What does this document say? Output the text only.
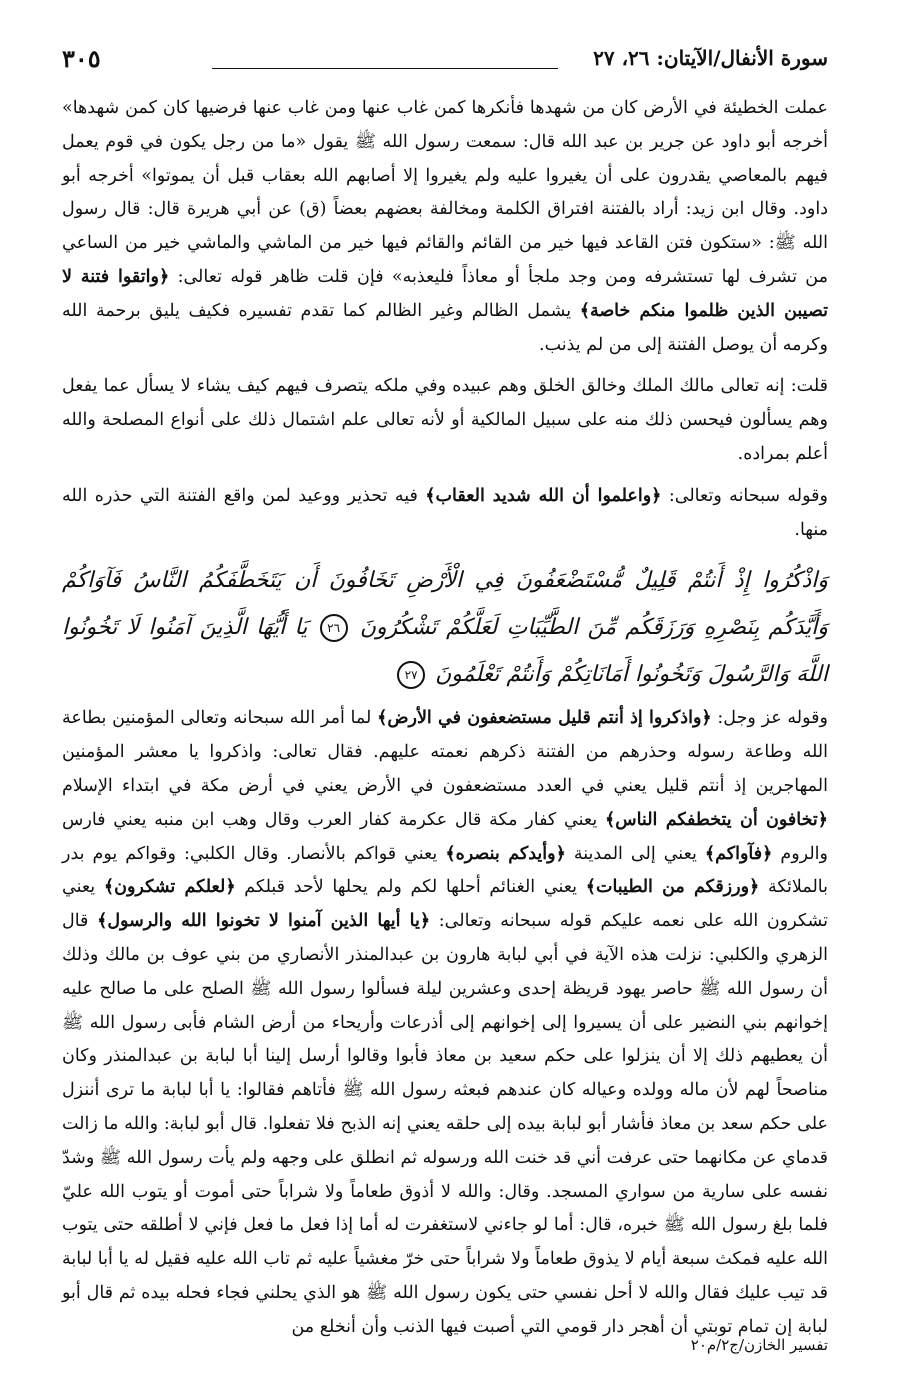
سورة الأنفال/الآيتان: ٢٦، ٢٧
٣٠٥

عملت الخطيئة في الأرض كان من شهدها فأنكرها كمن غاب عنها ومن غاب عنها فرضيها كان كمن شهدها» أخرجه أبو داود عن جرير بن عبد الله قال: سمعت رسول الله ﷺ يقول «ما من رجل يكون في قوم يعمل فيهم بالمعاصي يقدرون على أن يغيروا عليه ولم يغيروا إلا أصابهم الله بعقاب قبل أن يموتوا» أخرجه أبو داود. وقال ابن زيد: أراد بالفتنة افتراق الكلمة ومخالفة بعضهم بعضاً (ق) عن أبي هريرة قال: قال رسول الله ﷺ: «ستكون فتن القاعد فيها خير من القائم والقائم فيها خير من الماشي والماشي خير من الساعي من تشرف لها تستشرفه ومن وجد ملجأ أو معاذاً فليعذبه» فإن قلت ظاهر قوله تعالى: ﴿واتقوا فتنة لا تصيبن الذين ظلموا منكم خاصة﴾ يشمل الظالم وغير الظالم كما تقدم تفسيره فكيف يليق برحمة الله وكرمه أن يوصل الفتنة إلى من لم يذنب.

قلت: إنه تعالى مالك الملك وخالق الخلق وهم عبيده وفي ملكه يتصرف فيهم كيف يشاء لا يسأل عما يفعل وهم يسألون فيحسن ذلك منه على سبيل المالكية أو لأنه تعالى علم اشتمال ذلك على أنواع المصلحة والله أعلم بمراده.

وقوله سبحانه وتعالى: ﴿واعلموا أن الله شديد العقاب﴾ فيه تحذير ووعيد لمن واقع الفتنة التي حذره الله منها.

وَاذْكُرُوا إِذْ أَنتُمْ قَلِيلٌ مُّسْتَضْعَفُونَ فِي الْأَرْضِ تَخَافُونَ أَن يَتَخَطَّفَكُمُ النَّاسُ فَآوَاكُمْ وَأَيَّدَكُم بِنَصْرِهِ وَرَزَقَكُم مِّنَ الطَّيِّبَاتِ لَعَلَّكُمْ تَشْكُرُونَ ٢٦ يَا أَيُّهَا الَّذِينَ آمَنُوا لَا تَخُونُوا اللَّهَ وَالرَّسُولَ وَتَخُونُوا أَمَانَاتِكُمْ وَأَنتُمْ تَعْلَمُونَ ٢٧

وقوله عز وجل: ﴿واذكروا إذ أنتم قليل مستضعفون في الأرض﴾ لما أمر الله سبحانه وتعالى المؤمنين بطاعة الله وطاعة رسوله وحذرهم من الفتنة ذكرهم نعمته عليهم. فقال تعالى: واذكروا يا معشر المؤمنين المهاجرين إذ أنتم قليل يعني في العدد مستضعفون في الأرض يعني في أرض مكة في ابتداء الإسلام ﴿تخافون أن يتخطفكم الناس﴾ يعني كفار مكة قال عكرمة كفار العرب وقال وهب ابن منبه يعني فارس والروم ﴿فآواكم﴾ يعني إلى المدينة ﴿وأيدكم بنصره﴾ يعني قواكم بالأنصار. وقال الكلبي: وقواكم يوم بدر بالملائكة ﴿ورزقكم من الطيبات﴾ يعني الغنائم أحلها لكم ولم يحلها لأحد قبلكم ﴿لعلكم تشكرون﴾ يعني تشكرون الله على نعمه عليكم قوله سبحانه وتعالى: ﴿يا أيها الذين آمنوا لا تخونوا الله والرسول﴾ قال الزهري والكلبي: نزلت هذه الآية في أبي لبابة هارون بن عبدالمنذر الأنصاري من بني عوف بن مالك وذلك أن رسول الله ﷺ حاصر يهود قريظة إحدى وعشرين ليلة فسألوا رسول الله ﷺ الصلح على ما صالح عليه إخوانهم بني النضير على أن يسيروا إلى إخوانهم إلى أذرعات وأريحاء من أرض الشام فأبى رسول الله ﷺ أن يعطيهم ذلك إلا أن ينزلوا على حكم سعيد بن معاذ فأبوا وقالوا أرسل إلينا أبا لبابة بن عبدالمنذر وكان مناصحاً لهم لأن ماله وولده وعياله كان عندهم فبعثه رسول الله ﷺ فأتاهم فقالوا: يا أبا لبابة ما ترى أننزل على حكم سعد بن معاذ فأشار أبو لبابة بيده إلى حلقه يعني إنه الذبح فلا تفعلوا. قال أبو لبابة: والله ما زالت قدماي عن مكانهما حتى عرفت أني قد خنت الله ورسوله ثم انطلق على وجهه ولم يأت رسول الله ﷺ وشدّ نفسه على سارية من سواري المسجد. وقال: والله لا أذوق طعاماً ولا شراباً حتى أموت أو يتوب الله عليّ فلما بلغ رسول الله ﷺ خبره، قال: أما لو جاءني لاستغفرت له أما إذا فعل ما فعل فإني لا أطلقه حتى يتوب الله عليه فمكث سبعة أيام لا يذوق طعاماً ولا شراباً حتى خرّ مغشياً عليه ثم تاب الله عليه فقيل له يا أبا لبابة قد تيب عليك فقال والله لا أحل نفسي حتى يكون رسول الله ﷺ هو الذي يحلني فجاء فحله بيده ثم قال أبو لبابة إن تمام توبتي أن أهجر دار قومي التي أصبت فيها الذنب وأن أنخلع من

تفسير الخازن/ج٢/م٢٠
